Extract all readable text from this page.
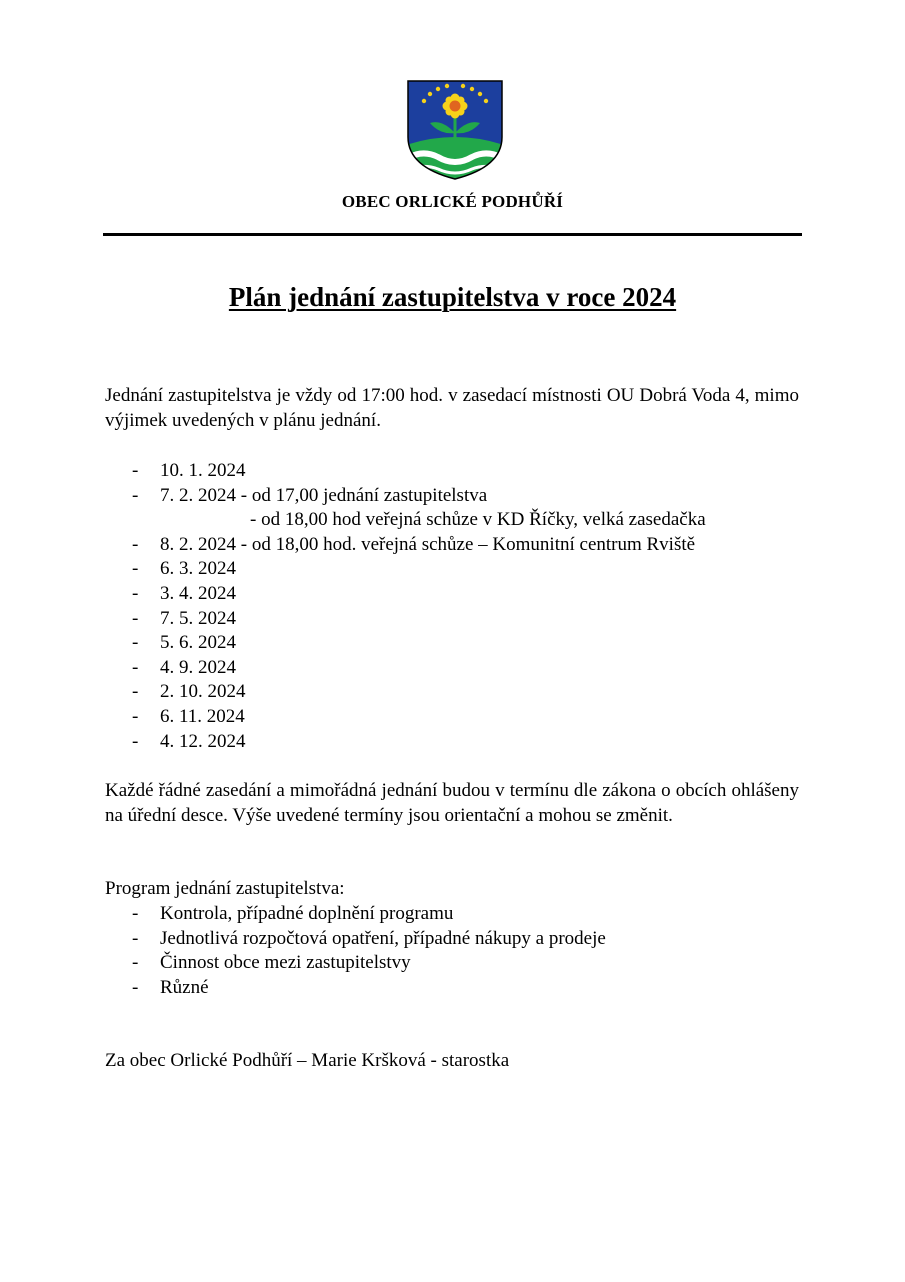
OBEC ORLICKÉ PODHŮŘÍ
Plán jednání zastupitelstva v roce 2024
Jednání zastupitelstva je vždy od 17:00 hod. v zasedací místnosti OU Dobrá Voda 4, mimo výjimek uvedených v plánu jednání.
- 10. 1. 2024
- 7. 2. 2024 - od 17,00 jednání zastupitelstva
- od 18,00 hod veřejná schůze v KD Říčky, velká zasedačka
- 8. 2. 2024 - od 18,00 hod. veřejná schůze – Komunitní centrum Rviště
- 6. 3. 2024
- 3. 4. 2024
- 7. 5. 2024
- 5. 6. 2024
- 4. 9. 2024
- 2. 10. 2024
- 6. 11. 2024
- 4. 12. 2024
Každé řádné zasedání a mimořádná jednání budou v termínu dle zákona o obcích ohlášeny na úřední desce. Výše uvedené termíny jsou orientační a mohou se změnit.
Program jednání zastupitelstva:
- Kontrola, případné doplnění programu
- Jednotlivá rozpočtová opatření, případné nákupy a prodeje
- Činnost obce mezi zastupitelstvy
- Různé
Za obec Orlické Podhůří – Marie Kršková - starostka
